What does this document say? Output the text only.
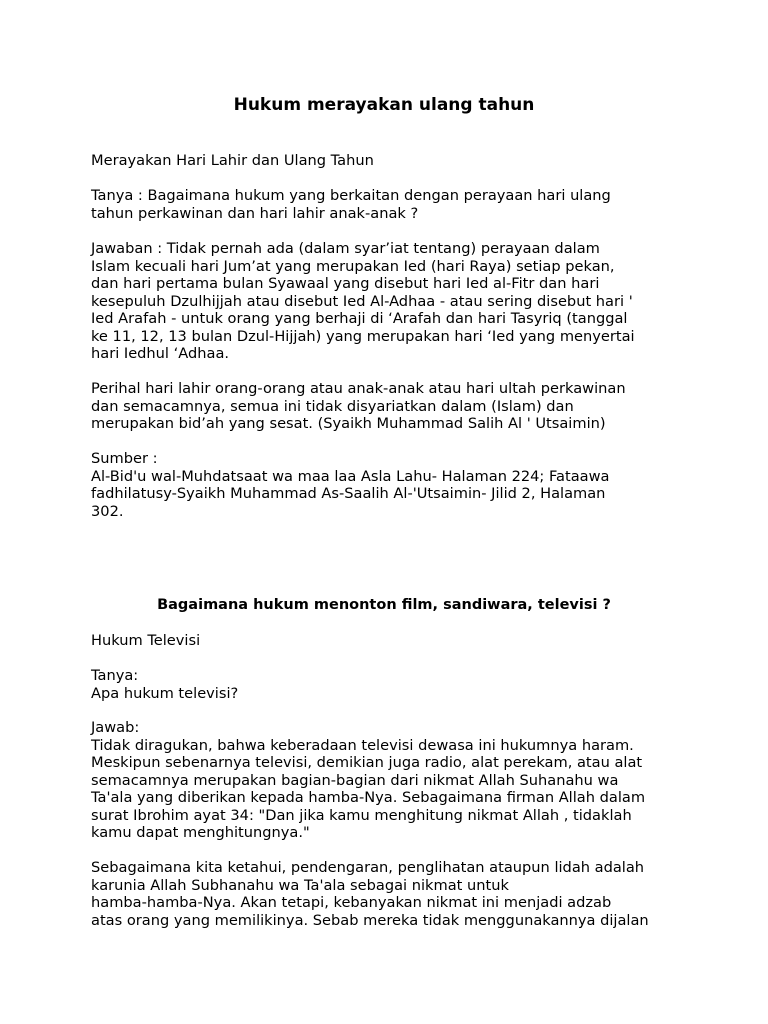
Hukum merayakan ulang tahun
Merayakan Hari Lahir dan Ulang Tahun
Tanya : Bagaimana hukum yang berkaitan dengan perayaan hari ulang
tahun perkawinan dan hari lahir anak-anak ?
Jawaban : Tidak pernah ada (dalam syar’iat tentang) perayaan dalam
Islam kecuali hari Jum’at yang merupakan Ied (hari Raya) setiap pekan,
dan hari pertama bulan Syawaal yang disebut hari Ied al-Fitr dan hari
kesepuluh Dzulhijjah atau disebut Ied Al-Adhaa - atau sering disebut hari '
Ied Arafah - untuk orang yang berhaji di ‘Arafah dan hari Tasyriq (tanggal
ke 11, 12, 13 bulan Dzul-Hijjah) yang merupakan hari ‘Ied yang menyertai
hari Iedhul ‘Adhaa.
Perihal hari lahir orang-orang atau anak-anak atau hari ultah perkawinan
dan semacamnya, semua ini tidak disyariatkan dalam (Islam) dan
merupakan bid’ah yang sesat. (Syaikh Muhammad Salih Al ' Utsaimin)
Sumber :
Al-Bid'u wal-Muhdatsaat wa maa laa Asla Lahu- Halaman 224; Fataawa
fadhilatusy-Syaikh Muhammad As-Saalih Al-'Utsaimin- Jilid 2, Halaman
302.
Bagaimana hukum menonton film, sandiwara, televisi ?
Hukum Televisi
Tanya:
Apa hukum televisi?
Jawab:
Tidak diragukan, bahwa keberadaan televisi dewasa ini hukumnya haram.
Meskipun sebenarnya televisi, demikian juga radio, alat perekam, atau alat
semacamnya merupakan bagian-bagian dari nikmat Allah Suhanahu wa
Ta'ala yang diberikan kepada hamba-Nya. Sebagaimana firman Allah dalam
surat Ibrohim ayat 34: "Dan jika kamu menghitung nikmat Allah , tidaklah
kamu dapat menghitungnya."
Sebagaimana kita ketahui, pendengaran, penglihatan ataupun lidah adalah
karunia Allah Subhanahu wa Ta'ala sebagai nikmat untuk
hamba-hamba-Nya. Akan tetapi, kebanyakan nikmat ini menjadi adzab
atas orang yang memilikinya. Sebab mereka tidak menggunakannya dijalan
